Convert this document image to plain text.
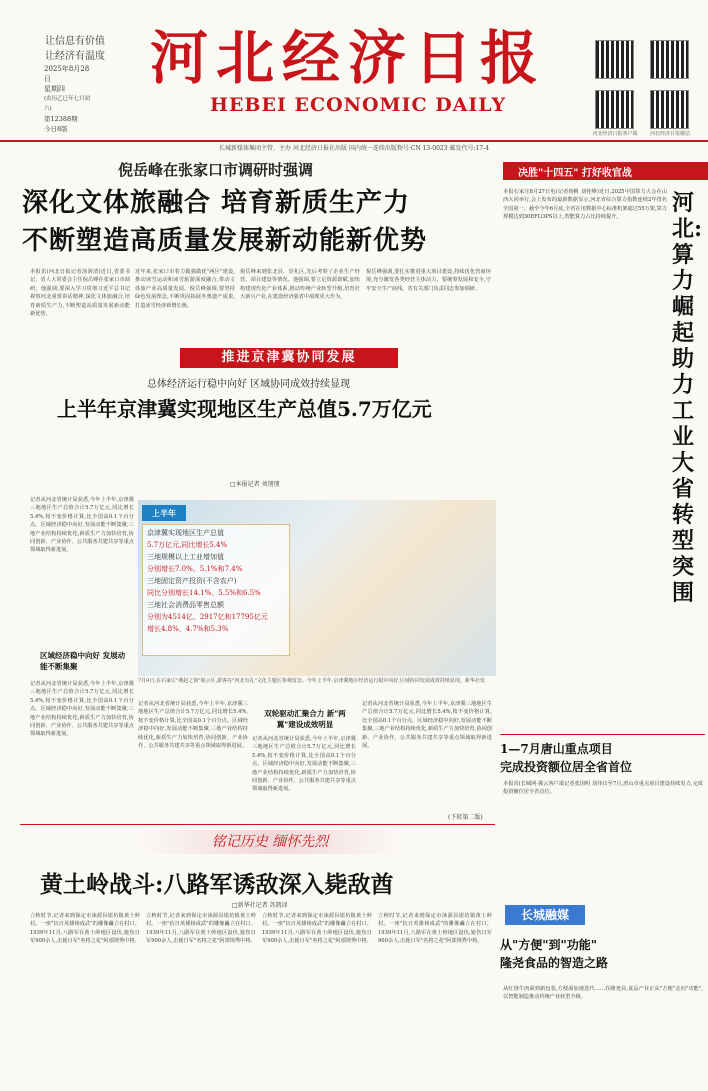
让信息有价值
让经济有温度
2025年8月28日
星期四
(农历乙巳年七月初六)
第12388期
今日8版
河北经济日报
HEBEI ECONOMIC DAILY
河北经济日报客户端	河北经济日报微信
长城新媒体集团主管、主办 河北经济日报社出版 国内统一连续出版物号:CN 13-0023 邮发代号:17-4
倪岳峰在张家口市调研时强调
深化文体旅融合 培育新质生产力
不断塑造高质量发展新动能新优势
本报讯(河北日报记者汤润清)近日,省委书记、省人大常委会主任倪岳峰在张家口市调研。他强调,要深入学习贯彻习近平总书记视察河北重要讲话精神,深化文体旅融合,培育新质生产力,不断塑造高质量发展新动能新优势。
近年来,张家口市着力做强做优"两区"建设,推动冰雪运动和冰雪旅游深度融合,带动文体旅产业高质量发展。倪岳峰强调,要坚持绿色发展理念,不断巩固拓展冬奥遗产成果,打造冰雪经济新增长极。
倪岳峰来到张北县、崇礼区,先后考察了企业生产经营、项目建设等情况。他强调,要立足资源禀赋,加快构建现代化产业体系,推动传统产业转型升级,培育壮大新兴产业,在建设经济强省中展现更大作为。
倪岳峰强调,要扎实推进重大项目建设,持续优化营商环境,充分激发各类经营主体活力。要统筹发展和安全,守牢安全生产底线。省有关部门负责同志参加调研。
推进京津冀协同发展
总体经济运行稳中向好 区域协同成效持续显现
上半年京津冀实现地区生产总值5.7万亿元
□本报记者 刘朋朋
记者从河北省统计局获悉,今年上半年,京津冀三地地区生产总值合计5.7万亿元,同比增长5.4%,按不变价格计算,比全国高0.1个百分点。区域经济稳中向好,发展动能不断集聚,三地产业结构持续优化,新质生产力加快培育,协同创新、产业协作、公共服务共建共享等重点领域取得新进展。
区域经济稳中向好 发展动能不断集聚
记者从河北省统计局获悉,今年上半年,京津冀三地地区生产总值合计5.7万亿元,同比增长5.4%,按不变价格计算,比全国高0.1个百分点。区域经济稳中向好,发展动能不断集聚,三地产业结构持续优化,新质生产力加快培育,协同创新、产业协作、公共服务共建共享等重点领域取得新进展。
上半年
京津冀实现地区生产总值
5.7万亿元,同比增长5.4%
三地规模以上工业增加值
分别增长7.0%、5.1%和7.4%
三地固定资产投资(不含农户)
同比分别增长14.1%、5.5%和6.5%
三地社会消费品零售总额
分别为4514亿、2917亿和17795亿元
增长4.8%、4.7%和5.3%
7月9日,在石家庄"燕赵之窗"展示区,游客在"河北有礼"文化主题区参观留念。今年上半年,京津冀地区经济运行稳中向好,区域协同发展成效持续显现。新华社发
记者从河北省统计局获悉,今年上半年,京津冀三地地区生产总值合计5.7万亿元,同比增长5.4%,按不变价格计算,比全国高0.1个百分点。区域经济稳中向好,发展动能不断集聚,三地产业结构持续优化,新质生产力加快培育,协同创新、产业协作、公共服务共建共享等重点领域取得新进展。
双轮驱动汇聚合力 新"两翼"建设成效明显
记者从河北省统计局获悉,今年上半年,京津冀三地地区生产总值合计5.7万亿元,同比增长5.4%,按不变价格计算,比全国高0.1个百分点。区域经济稳中向好,发展动能不断集聚,三地产业结构持续优化,新质生产力加快培育,协同创新、产业协作、公共服务共建共享等重点领域取得新进展。
记者从河北省统计局获悉,今年上半年,京津冀三地地区生产总值合计5.7万亿元,同比增长5.4%,按不变价格计算,比全国高0.1个百分点。区域经济稳中向好,发展动能不断集聚,三地产业结构持续优化,新质生产力加快培育,协同创新、产业协作、公共服务共建共享等重点领域取得新进展。
(下转第二版)
决胜"十四五" 打好收官战
河北:算力崛起助力工业大省转型突围
本报石家庄8月27日电(记者杨帆 刘桂峰)近日,2025中国算力大会在山西大同举行,会上发布的最新数据显示,河北省综合算力指数连续2年排名全国第一。截至今年6月底,全省在用数据中心标准机架超过55万架,算力规模达到30EFLOPS以上,智能算力占比持续提升。
1—7月唐山重点项目
完成投资额位居全省首位
本报讯(长城网·冀云客户端记者张国明 刘伟)1至7月,唐山市重点项目建设持续发力,完成投资额位居全省首位。
铭记历史 缅怀先烈
黄土岭战斗:八路军诱敌深入毙敌酋
□新华社记者 苏凯译
立秋时节,记者来到保定市涞源县银坊镇黄土岭村。一座"抗日英雄杨成武"的雕像矗立在村口。1939年11月,八路军在黄土岭地区设伏,毙伤日军900余人,击毙日军"名将之花"阿部规秀中将。
立秋时节,记者来到保定市涞源县银坊镇黄土岭村。一座"抗日英雄杨成武"的雕像矗立在村口。1939年11月,八路军在黄土岭地区设伏,毙伤日军900余人,击毙日军"名将之花"阿部规秀中将。
立秋时节,记者来到保定市涞源县银坊镇黄土岭村。一座"抗日英雄杨成武"的雕像矗立在村口。1939年11月,八路军在黄土岭地区设伏,毙伤日军900余人,击毙日军"名将之花"阿部规秀中将。
立秋时节,记者来到保定市涞源县银坊镇黄土岭村。一座"抗日英雄杨成武"的雕像矗立在村口。1939年11月,八路军在黄土岭地区设伏,毙伤日军900余人,击毙日军"名将之花"阿部规秀中将。
长城融媒
从"方便"到"功能"
隆尧食品的智造之路
从红烧牛肉面到新包装,方便面加速迭代……在隆尧县,食品产业正从"方便"走向"功能",以智能制造推动传统产业转型升级。
